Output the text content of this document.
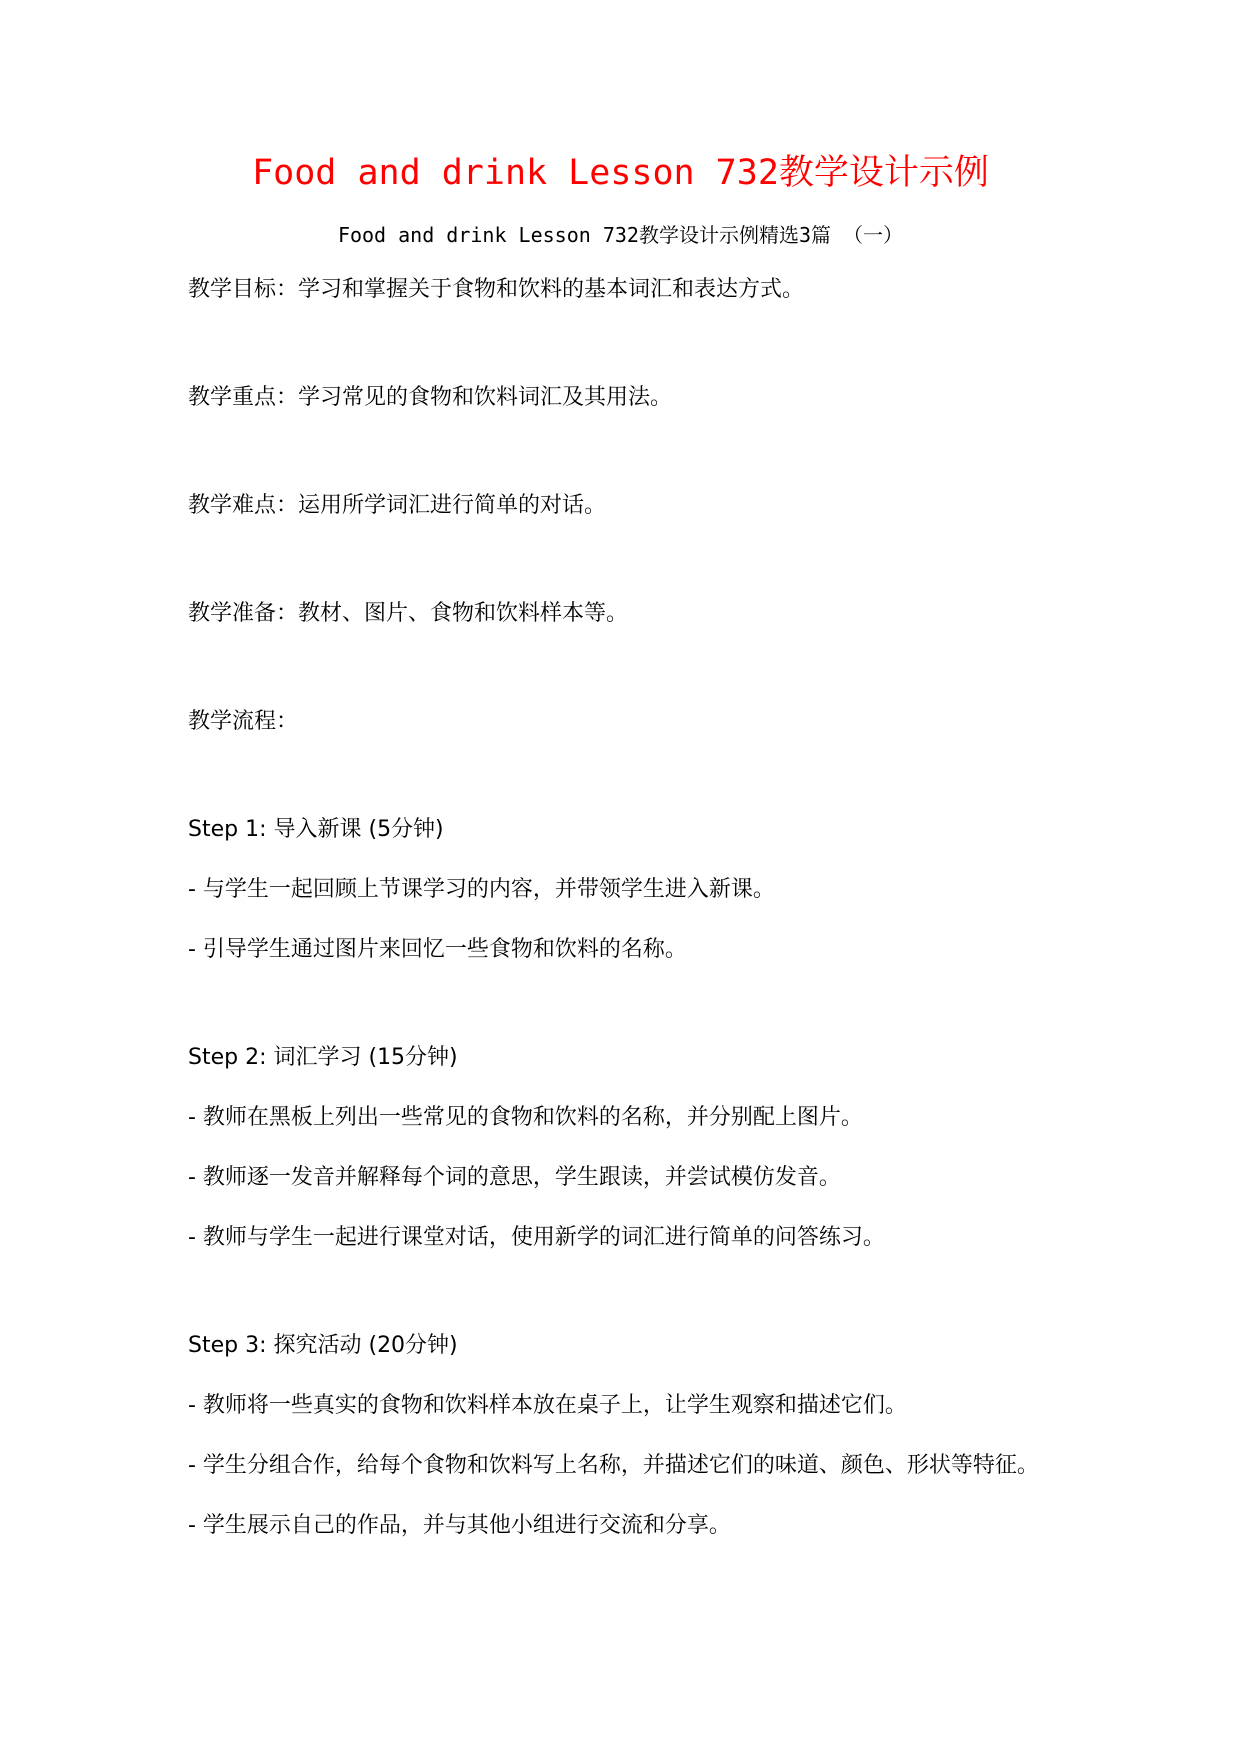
Food and drink Lesson 732教学设计示例
Food and drink Lesson 732教学设计示例精选3篇 （一）
教学目标：学习和掌握关于食物和饮料的基本词汇和表达方式。
教学重点：学习常见的食物和饮料词汇及其用法。
教学难点：运用所学词汇进行简单的对话。
教学准备：教材、图片、食物和饮料样本等。
教学流程：
Step 1: 导入新课 (5分钟)
- 与学生一起回顾上节课学习的内容，并带领学生进入新课。
- 引导学生通过图片来回忆一些食物和饮料的名称。
Step 2: 词汇学习 (15分钟)
- 教师在黑板上列出一些常见的食物和饮料的名称，并分别配上图片。
- 教师逐一发音并解释每个词的意思，学生跟读，并尝试模仿发音。
- 教师与学生一起进行课堂对话，使用新学的词汇进行简单的问答练习。
Step 3: 探究活动 (20分钟)
- 教师将一些真实的食物和饮料样本放在桌子上，让学生观察和描述它们。
- 学生分组合作，给每个食物和饮料写上名称，并描述它们的味道、颜色、形状等特征。
- 学生展示自己的作品，并与其他小组进行交流和分享。
